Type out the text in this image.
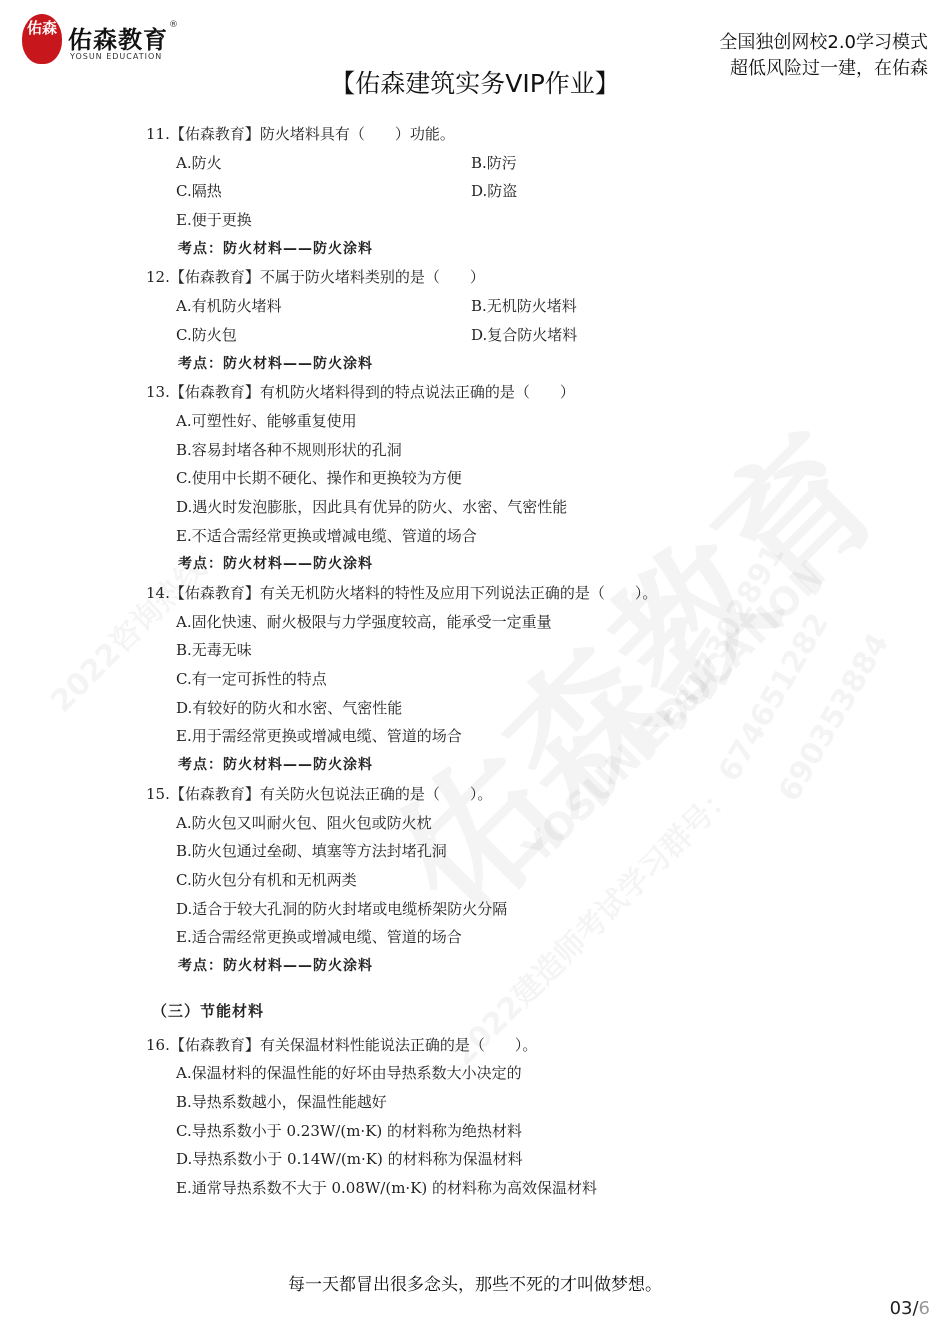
佑森 佑森教育
®
YOSUN EDUCATION
全国独创网校2.0学习模式
超低风险过一建，在佑森
【佑森建筑实务VIP作业】
11.【佑森教育】防火堵料具有（　　）功能。
A.防火	B.防污
C.隔热	D.防盗
E.便于更换
考点：防火材料——防火涂料
12.【佑森教育】不属于防火堵料类别的是（　　）
A.有机防火堵料	B.无机防火堵料
C.防火包	D.复合防火堵料
考点：防火材料——防火涂料
13.【佑森教育】有机防火堵料得到的特点说法正确的是（　　）
A.可塑性好、能够重复使用
B.容易封堵各种不规则形状的孔洞
C.使用中长期不硬化、操作和更换较为方便
D.遇火时发泡膨胀，因此具有优异的防火、水密、气密性能
E.不适合需经常更换或增减电缆、管道的场合
考点：防火材料——防火涂料
14.【佑森教育】有关无机防火堵料的特性及应用下列说法正确的是（　　）。
A.固化快速、耐火极限与力学强度较高，能承受一定重量
B.无毒无味
C.有一定可拆性的特点
D.有较好的防火和水密、气密性能
E.用于需经常更换或增减电缆、管道的场合
考点：防火材料——防火涂料
15.【佑森教育】有关防火包说法正确的是（　　）。
A.防火包又叫耐火包、阻火包或防火枕
B.防火包通过垒砌、填塞等方法封堵孔洞
C.防火包分有机和无机两类
D.适合于较大孔洞的防火封堵或电缆桥架防火分隔
E.适合需经常更换或增减电缆、管道的场合
考点：防火材料——防火涂料
（三）节能材料
16.【佑森教育】有关保温材料性能说法正确的是（　　）。
A.保温材料的保温性能的好坏由导热系数大小决定的
B.导热系数越小，保温性能越好
C.导热系数小于 0.23W/(m·K) 的材料称为绝热材料
D.导热系数小于 0.14W/(m·K) 的材料称为保温材料
E.通常导热系数不大于 0.08W/(m·K) 的材料称为高效保温材料
每一天都冒出很多念头，那些不死的才叫做梦想。
03/6
